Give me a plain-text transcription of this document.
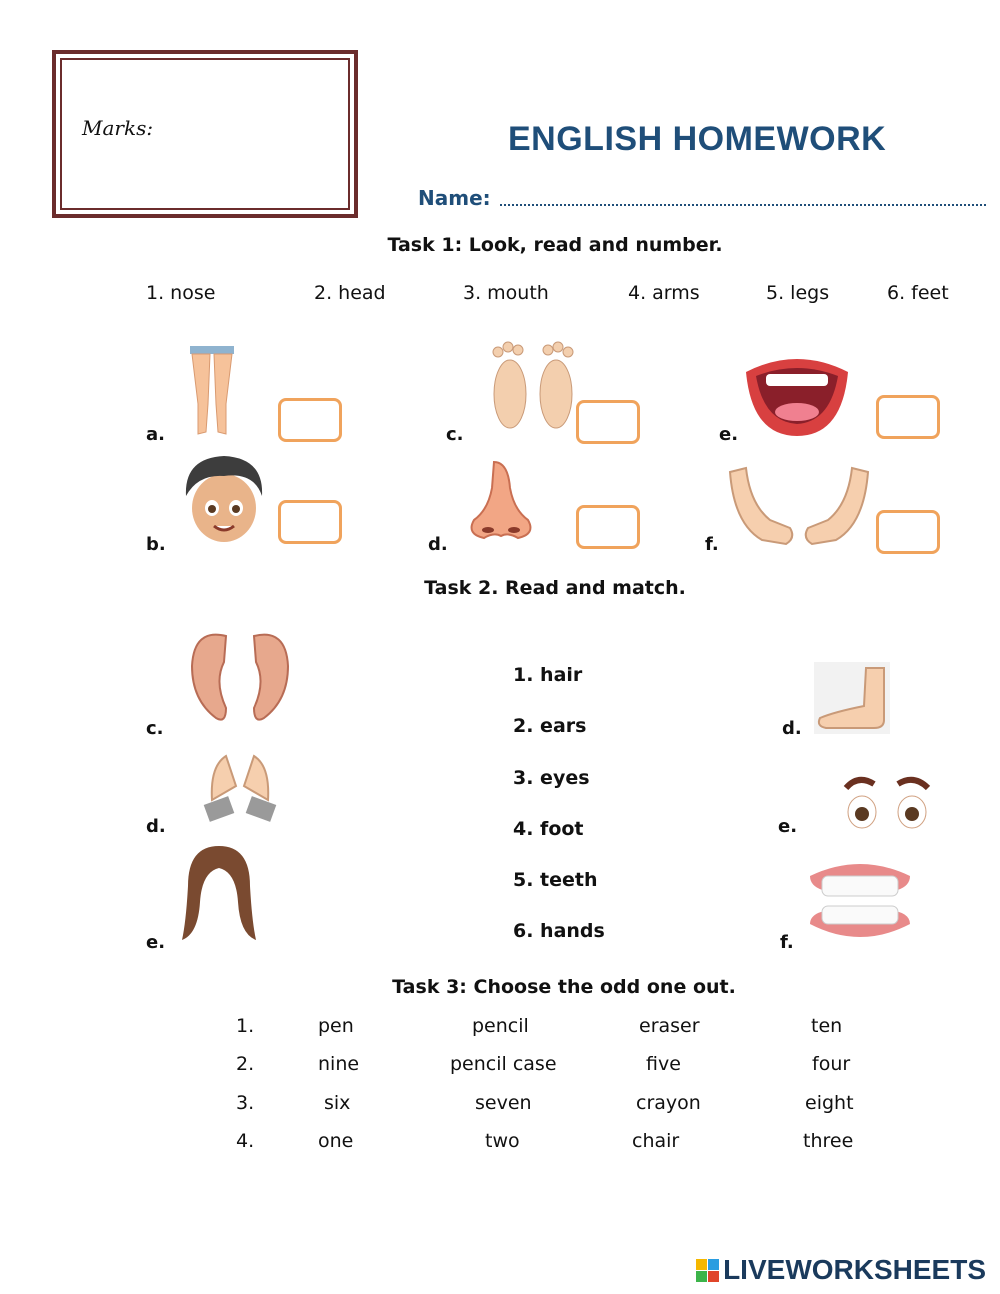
Marks:	ENGLISH HOMEWORK
Name:
Task 1: Look, read and number.
1. nose	2. head	3. mouth	4. arms	5. legs	6. feet
a.
b.
c.
d.
e.
f.
Task 2. Read and match.
c.
d.
e.
1. hair
2. ears
3. eyes
4. foot
5. teeth
6. hands
d.
e.
f.
Task 3: Choose the odd one out.
1.	pen	pencil	eraser	ten
2.	nine	pencil case	five	four
3.	six	seven	crayon	eight
4.	one	two	chair	three
LIVEWORKSHEETS
